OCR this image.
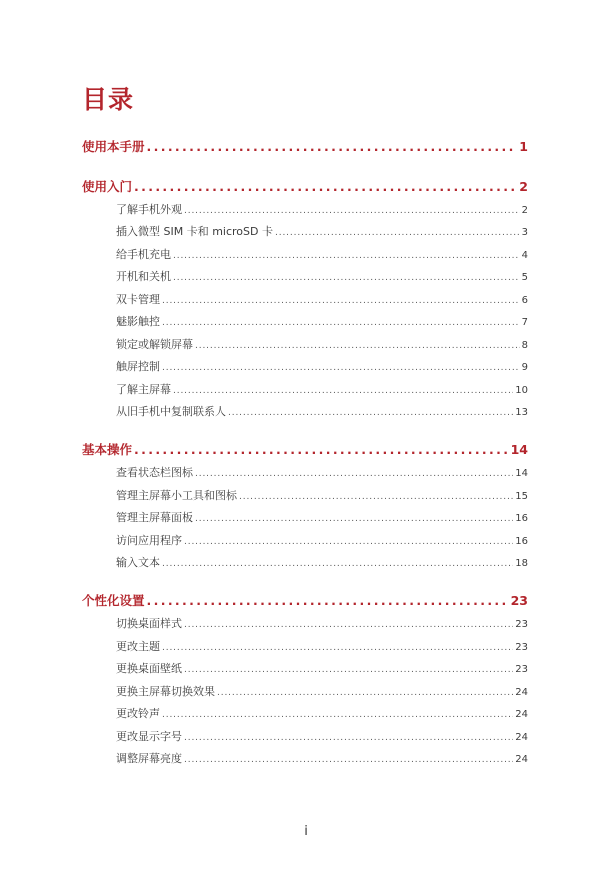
目录
使用本手册 . . .	1
使用入门 . . .	2
了解手机外观 . . .	2
插入微型 SIM 卡和 microSD 卡 . . .	3
给手机充电 . . .	4
开机和关机 . . .	5
双卡管理 . . .	6
魅影触控 . . .	7
锁定或解锁屏幕 . . .	8
触屏控制 . . .	9
了解主屏幕 . . .	10
从旧手机中复制联系人 . . .	13
基本操作 . . .	14
查看状态栏图标 . . .	14
管理主屏幕小工具和图标 . . .	15
管理主屏幕面板 . . .	16
访问应用程序 . . .	16
输入文本 . . .	18
个性化设置 . . .	23
切换桌面样式 . . .	23
更改主题 . . .	23
更换桌面壁纸 . . .	23
更换主屏幕切换效果 . . .	24
更改铃声 . . .	24
更改显示字号 . . .	24
调整屏幕亮度 . . .	24
i
